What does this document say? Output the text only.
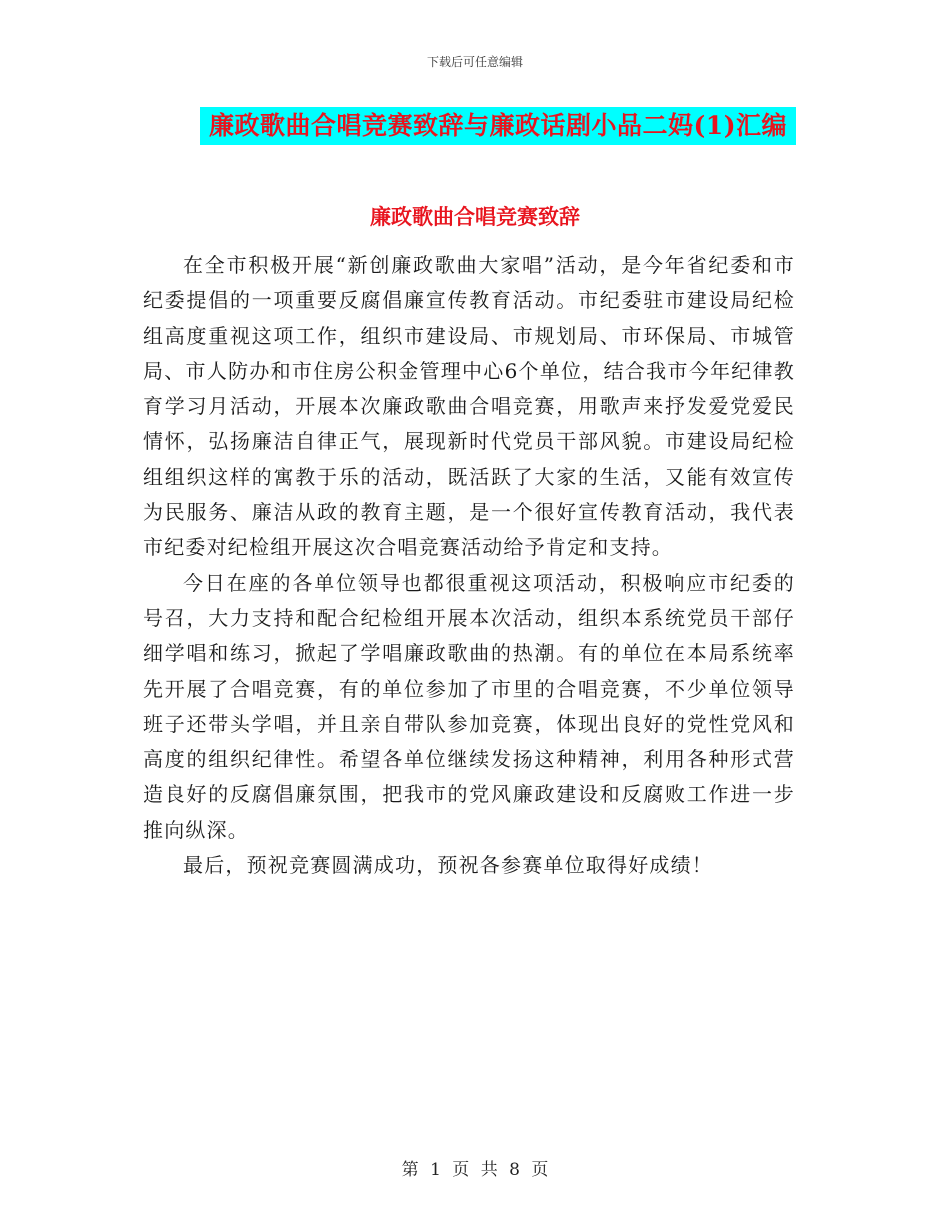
下载后可任意编辑
廉政歌曲合唱竞赛致辞与廉政话剧小品二妈(1)汇编
廉政歌曲合唱竞赛致辞

在全市积极开展“新创廉政歌曲大家唱”活动，是今年省纪委和市纪委提倡的一项重要反腐倡廉宣传教育活动。市纪委驻市建设局纪检组高度重视这项工作，组织市建设局、市规划局、市环保局、市城管局、市人防办和市住房公积金管理中心6个单位，结合我市今年纪律教育学习月活动，开展本次廉政歌曲合唱竞赛，用歌声来抒发爱党爱民情怀，弘扬廉洁自律正气，展现新时代党员干部风貌。市建设局纪检组组织这样的寓教于乐的活动，既活跃了大家的生活，又能有效宣传为民服务、廉洁从政的教育主题，是一个很好宣传教育活动，我代表市纪委对纪检组开展这次合唱竞赛活动给予肯定和支持。

今日在座的各单位领导也都很重视这项活动，积极响应市纪委的号召，大力支持和配合纪检组开展本次活动，组织本系统党员干部仔细学唱和练习，掀起了学唱廉政歌曲的热潮。有的单位在本局系统率先开展了合唱竞赛，有的单位参加了市里的合唱竞赛，不少单位领导班子还带头学唱，并且亲自带队参加竞赛，体现出良好的党性党风和高度的组织纪律性。希望各单位继续发扬这种精神，利用各种形式营造良好的反腐倡廉氛围，把我市的党风廉政建设和反腐败工作进一步推向纵深。

最后，预祝竞赛圆满成功，预祝各参赛单位取得好成绩！

第 1 页 共 8 页
